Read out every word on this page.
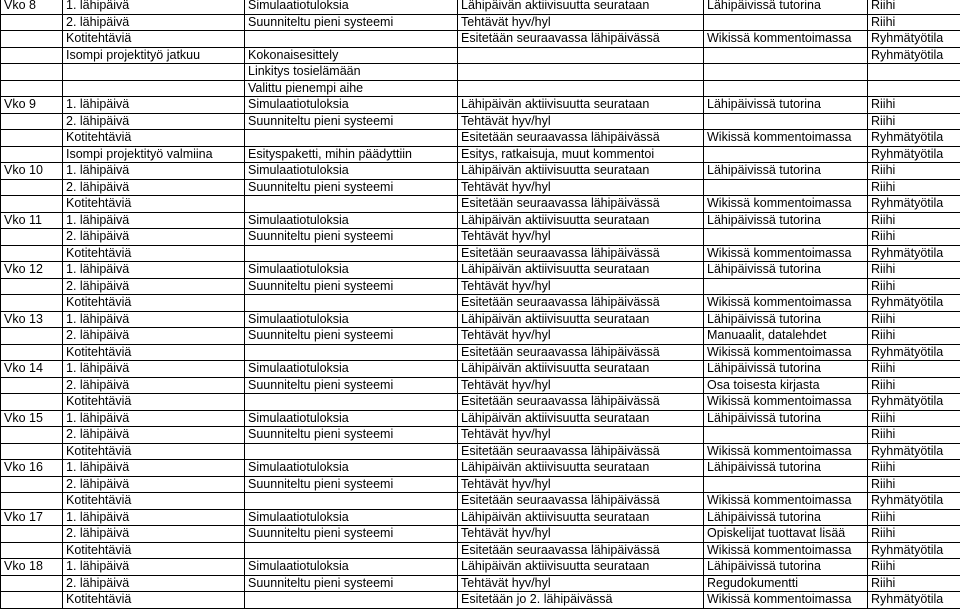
Vko 8	1. lähipäivä	Simulaatiotuloksia	Lähipäivän aktiivisuutta seurataan	Lähipäivissä tutorina	Riihi
	2. lähipäivä	Suunniteltu pieni systeemi	Tehtävät hyv/hyl		Riihi
	Kotitehtäviä		Esitetään seuraavassa lähipäivässä	Wikissä kommentoimassa	Ryhmätyötila
	Isompi projektityö jatkuu	Kokonaisesittely			Ryhmätyötila
		Linkitys tosielämään			
		Valittu pienempi aihe			
Vko 9	1. lähipäivä	Simulaatiotuloksia	Lähipäivän aktiivisuutta seurataan	Lähipäivissä tutorina	Riihi
	2. lähipäivä	Suunniteltu pieni systeemi	Tehtävät hyv/hyl		Riihi
	Kotitehtäviä		Esitetään seuraavassa lähipäivässä	Wikissä kommentoimassa	Ryhmätyötila
	Isompi projektityö valmiina	Esityspaketti, mihin päädyttiin	Esitys, ratkaisuja, muut kommentoi		Ryhmätyötila
Vko 10	1. lähipäivä	Simulaatiotuloksia	Lähipäivän aktiivisuutta seurataan	Lähipäivissä tutorina	Riihi
	2. lähipäivä	Suunniteltu pieni systeemi	Tehtävät hyv/hyl		Riihi
	Kotitehtäviä		Esitetään seuraavassa lähipäivässä	Wikissä kommentoimassa	Ryhmätyötila
Vko 11	1. lähipäivä	Simulaatiotuloksia	Lähipäivän aktiivisuutta seurataan	Lähipäivissä tutorina	Riihi
	2. lähipäivä	Suunniteltu pieni systeemi	Tehtävät hyv/hyl		Riihi
	Kotitehtäviä		Esitetään seuraavassa lähipäivässä	Wikissä kommentoimassa	Ryhmätyötila
Vko 12	1. lähipäivä	Simulaatiotuloksia	Lähipäivän aktiivisuutta seurataan	Lähipäivissä tutorina	Riihi
	2. lähipäivä	Suunniteltu pieni systeemi	Tehtävät hyv/hyl		Riihi
	Kotitehtäviä		Esitetään seuraavassa lähipäivässä	Wikissä kommentoimassa	Ryhmätyötila
Vko 13	1. lähipäivä	Simulaatiotuloksia	Lähipäivän aktiivisuutta seurataan	Lähipäivissä tutorina	Riihi
	2. lähipäivä	Suunniteltu pieni systeemi	Tehtävät hyv/hyl	Manuaalit, datalehdet	Riihi
	Kotitehtäviä		Esitetään seuraavassa lähipäivässä	Wikissä kommentoimassa	Ryhmätyötila
Vko 14	1. lähipäivä	Simulaatiotuloksia	Lähipäivän aktiivisuutta seurataan	Lähipäivissä tutorina	Riihi
	2. lähipäivä	Suunniteltu pieni systeemi	Tehtävät hyv/hyl	Osa toisesta kirjasta	Riihi
	Kotitehtäviä		Esitetään seuraavassa lähipäivässä	Wikissä kommentoimassa	Ryhmätyötila
Vko 15	1. lähipäivä	Simulaatiotuloksia	Lähipäivän aktiivisuutta seurataan	Lähipäivissä tutorina	Riihi
	2. lähipäivä	Suunniteltu pieni systeemi	Tehtävät hyv/hyl		Riihi
	Kotitehtäviä		Esitetään seuraavassa lähipäivässä	Wikissä kommentoimassa	Ryhmätyötila
Vko 16	1. lähipäivä	Simulaatiotuloksia	Lähipäivän aktiivisuutta seurataan	Lähipäivissä tutorina	Riihi
	2. lähipäivä	Suunniteltu pieni systeemi	Tehtävät hyv/hyl		Riihi
	Kotitehtäviä		Esitetään seuraavassa lähipäivässä	Wikissä kommentoimassa	Ryhmätyötila
Vko 17	1. lähipäivä	Simulaatiotuloksia	Lähipäivän aktiivisuutta seurataan	Lähipäivissä tutorina	Riihi
	2. lähipäivä	Suunniteltu pieni systeemi	Tehtävät hyv/hyl	Opiskelijat tuottavat lisää	Riihi
	Kotitehtäviä		Esitetään seuraavassa lähipäivässä	Wikissä kommentoimassa	Ryhmätyötila
Vko 18	1. lähipäivä	Simulaatiotuloksia	Lähipäivän aktiivisuutta seurataan	Lähipäivissä tutorina	Riihi
	2. lähipäivä	Suunniteltu pieni systeemi	Tehtävät hyv/hyl	Regudokumentti	Riihi
	Kotitehtäviä		Esitetään jo 2. lähipäivässä	Wikissä kommentoimassa	Ryhmätyötila
